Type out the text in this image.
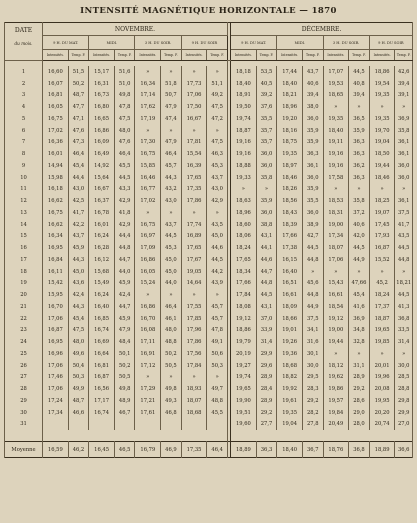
INTENSITÉ MAGNÉTIQUE HORIZONTALE — 1870
DATE
du mois.	NOVEMBRE.									DÉCEMBRE.							
	9 H. DU MAT.		MIDI.		3 H. DU SOIR.		9 H. DU SOIR			9 H. DU MAT.		MIDI.		3 H. DU SOIR.		9 H. DU SOIR	
	Intensités.	Temp. F.	Intensités.	Temp. F.	Intensités.	Temp. F.	Intensités.	Temp. F.		Intensités.	Temp. F.	Intensités.	Temp. F.	Intensités.	Temp. F.	Intensités.	Temp. F.

1	16,60	51,5	15,17	51,6	»	»	»	»		18,18	53,5	17,44	43,7	17,07	44,5	18,86	42,6
2	16,07	50,2	16,31	51,0	16,34	51,8	17,73	51,1		18,40	40,5	18,40	40,6	19,53	40,8	19,54	39,4
3	16,81	48,7	16,73	49,8	17,14	50,7	17,06	49,2		18,91	39,2	18,21	39,4	18,65	39,4	19,35	39,1
4	16,05	47,7	16,80	47,8	17,62	47,9	17,50	47,5		19,50	37,6	18,96	38,0	»	»	»	»
5	16,75	47,1	16,65	47,5	17,19	47,4	16,67	47,2		19,74	35,5	19,20	36,0	19,35	36,5	19,35	36,9
6	17,02	47,6	16,86	48,0	»	»	»	»		18,87	35,7	18,16	35,9	18,40	35,9	19,70	35,8
7	16,36	47,3	16,09	47,6	17,30	47,9	17,81	47,5		19,16	35,7	18,75	35,9	19,11	36,3	19,04	36,1
8	16,01	46,4	16,49	46,4	16,75	46,4	15,54	46,3		19,16	36,0	19,35	36,3	19,16	36,3	18,50	36,1
9	14,94	45,4	14,92	45,5	15,85	45,7	16,39	45,3		18,88	36,0	18,97	36,1	19,16	36,2	19,44	36,0
10	15,98	44,4	15,64	44,5	16,46	44,3	17,65	43,7		19,33	35,8	18,46	36,0	17,58	36,3	18,46	36,0
11	16,18	43,0	16,67	43,3	16,77	43,2	17,35	43,0		»	»	18,26	35,9	»	»	»	»
12	16,62	42,5	16,37	42,9	17,02	43,0	17,86	42,9		18,63	35,9	18,56	35,5	18,53	35,8	18,25	36,1
13	16,75	41,7	16,78	41,8	»	»	»	»		18,96	36,0	18,43	36,0	18,31	37,2	19,07	37,5
14	16,62	42,2	16,01	42,9	16,75	43,7	17,74	43,5		18,60	38,8	18,39	38,9	19,00	40,6	17,45	41,7
15	16,34	43,7	16,24	44,4	16,97	44,5	16,89	45,0		18,06	43,1	17,66	42,7	17,34	42,0	17,93	43,5
16	16,95	45,9	16,28	44,8	17,09	45,3	17,65	44,6		18,24	44,1	17,38	44,5	18,07	44,5	16,87	44,5
17	16,84	44,3	16,12	44,7	16,86	45,0	17,67	44,5		17,65	44,6	16,15	44,8	17,06	44,9	15,52	44,8
18	16,11	45,0	15,68	44,0	16,05	45,0	19,05	44,2		18,34	44,7	16,40	»	»	»	»	»
19	15,42	43,6	15,49	45,9	15,24	44,0	14,64	43,9		17,66	44,8	16,51	45,6	15,43	47,66	45,2	18,21
20	15,95	42,4	16,24	42,4	»	»	»	»		17,84	44,5	16,61	44,8	16,61	45,4	18,24	44,5
21	16,70	44,3	16,40	44,7	16,86	46,4	17,55	45,7		18,08	43,1	18,09	44,9	18,54	41,6	17,37	41,3
22	17,06	45,4	16,85	45,9	16,70	46,1	17,85	45,7		19,12	37,0	18,66	37,5	19,12	36,9	18,87	36,8
23	16,87	47,5	16,74	47,9	16,08	48,0	17,96	47,8		18,86	33,9	19,01	34,1	19,00	34,8	19,65	33,5
24	16,95	48,0	16,69	48,4	17,11	48,8	17,86	49,1		19,79	31,4	19,26	31,6	19,44	32,8	19,85	31,4
25	16,96	49,6	16,64	50,1	16,91	50,2	17,56	50,6		20,19	29,9	19,36	30,1	»	»	»	»
26	17,06	50,4	16,81	50,2	17,12	50,5	17,84	50,3		19,27	29,6	18,68	30,0	18,12	31,1	20,01	30,0
27	17,46	50,3	16,87	50,5	»	»	»	»		19,74	28,9	18,82	29,5	19,62	28,9	19,96	28,5
28	17,06	49,9	16,56	49,8	17,29	49,8	18,93	49,7		19,65	28,4	19,92	28,3	19,86	29,2	20,08	28,8
29	17,24	48,7	17,17	48,9	17,21	49,3	18,07	48,8		19,90	28,9	19,61	29,2	19,57	28,6	19,95	29,8
30	17,34	46,6	16,74	46,7	17,61	46,8	18,68	45,5		19,51	29,2	19,35	28,2	19,84	29,0	20,20	29,9
31										19,60	27,7	19,04	27,8	20,49	28,0	20,74	27,0

Moyenne	16,59	46,2	16,45	46,5	16,79	46,9	17,35	46,4		18,89	36,3	18,40	36,7	18,76	36,8	18,89	36,6
